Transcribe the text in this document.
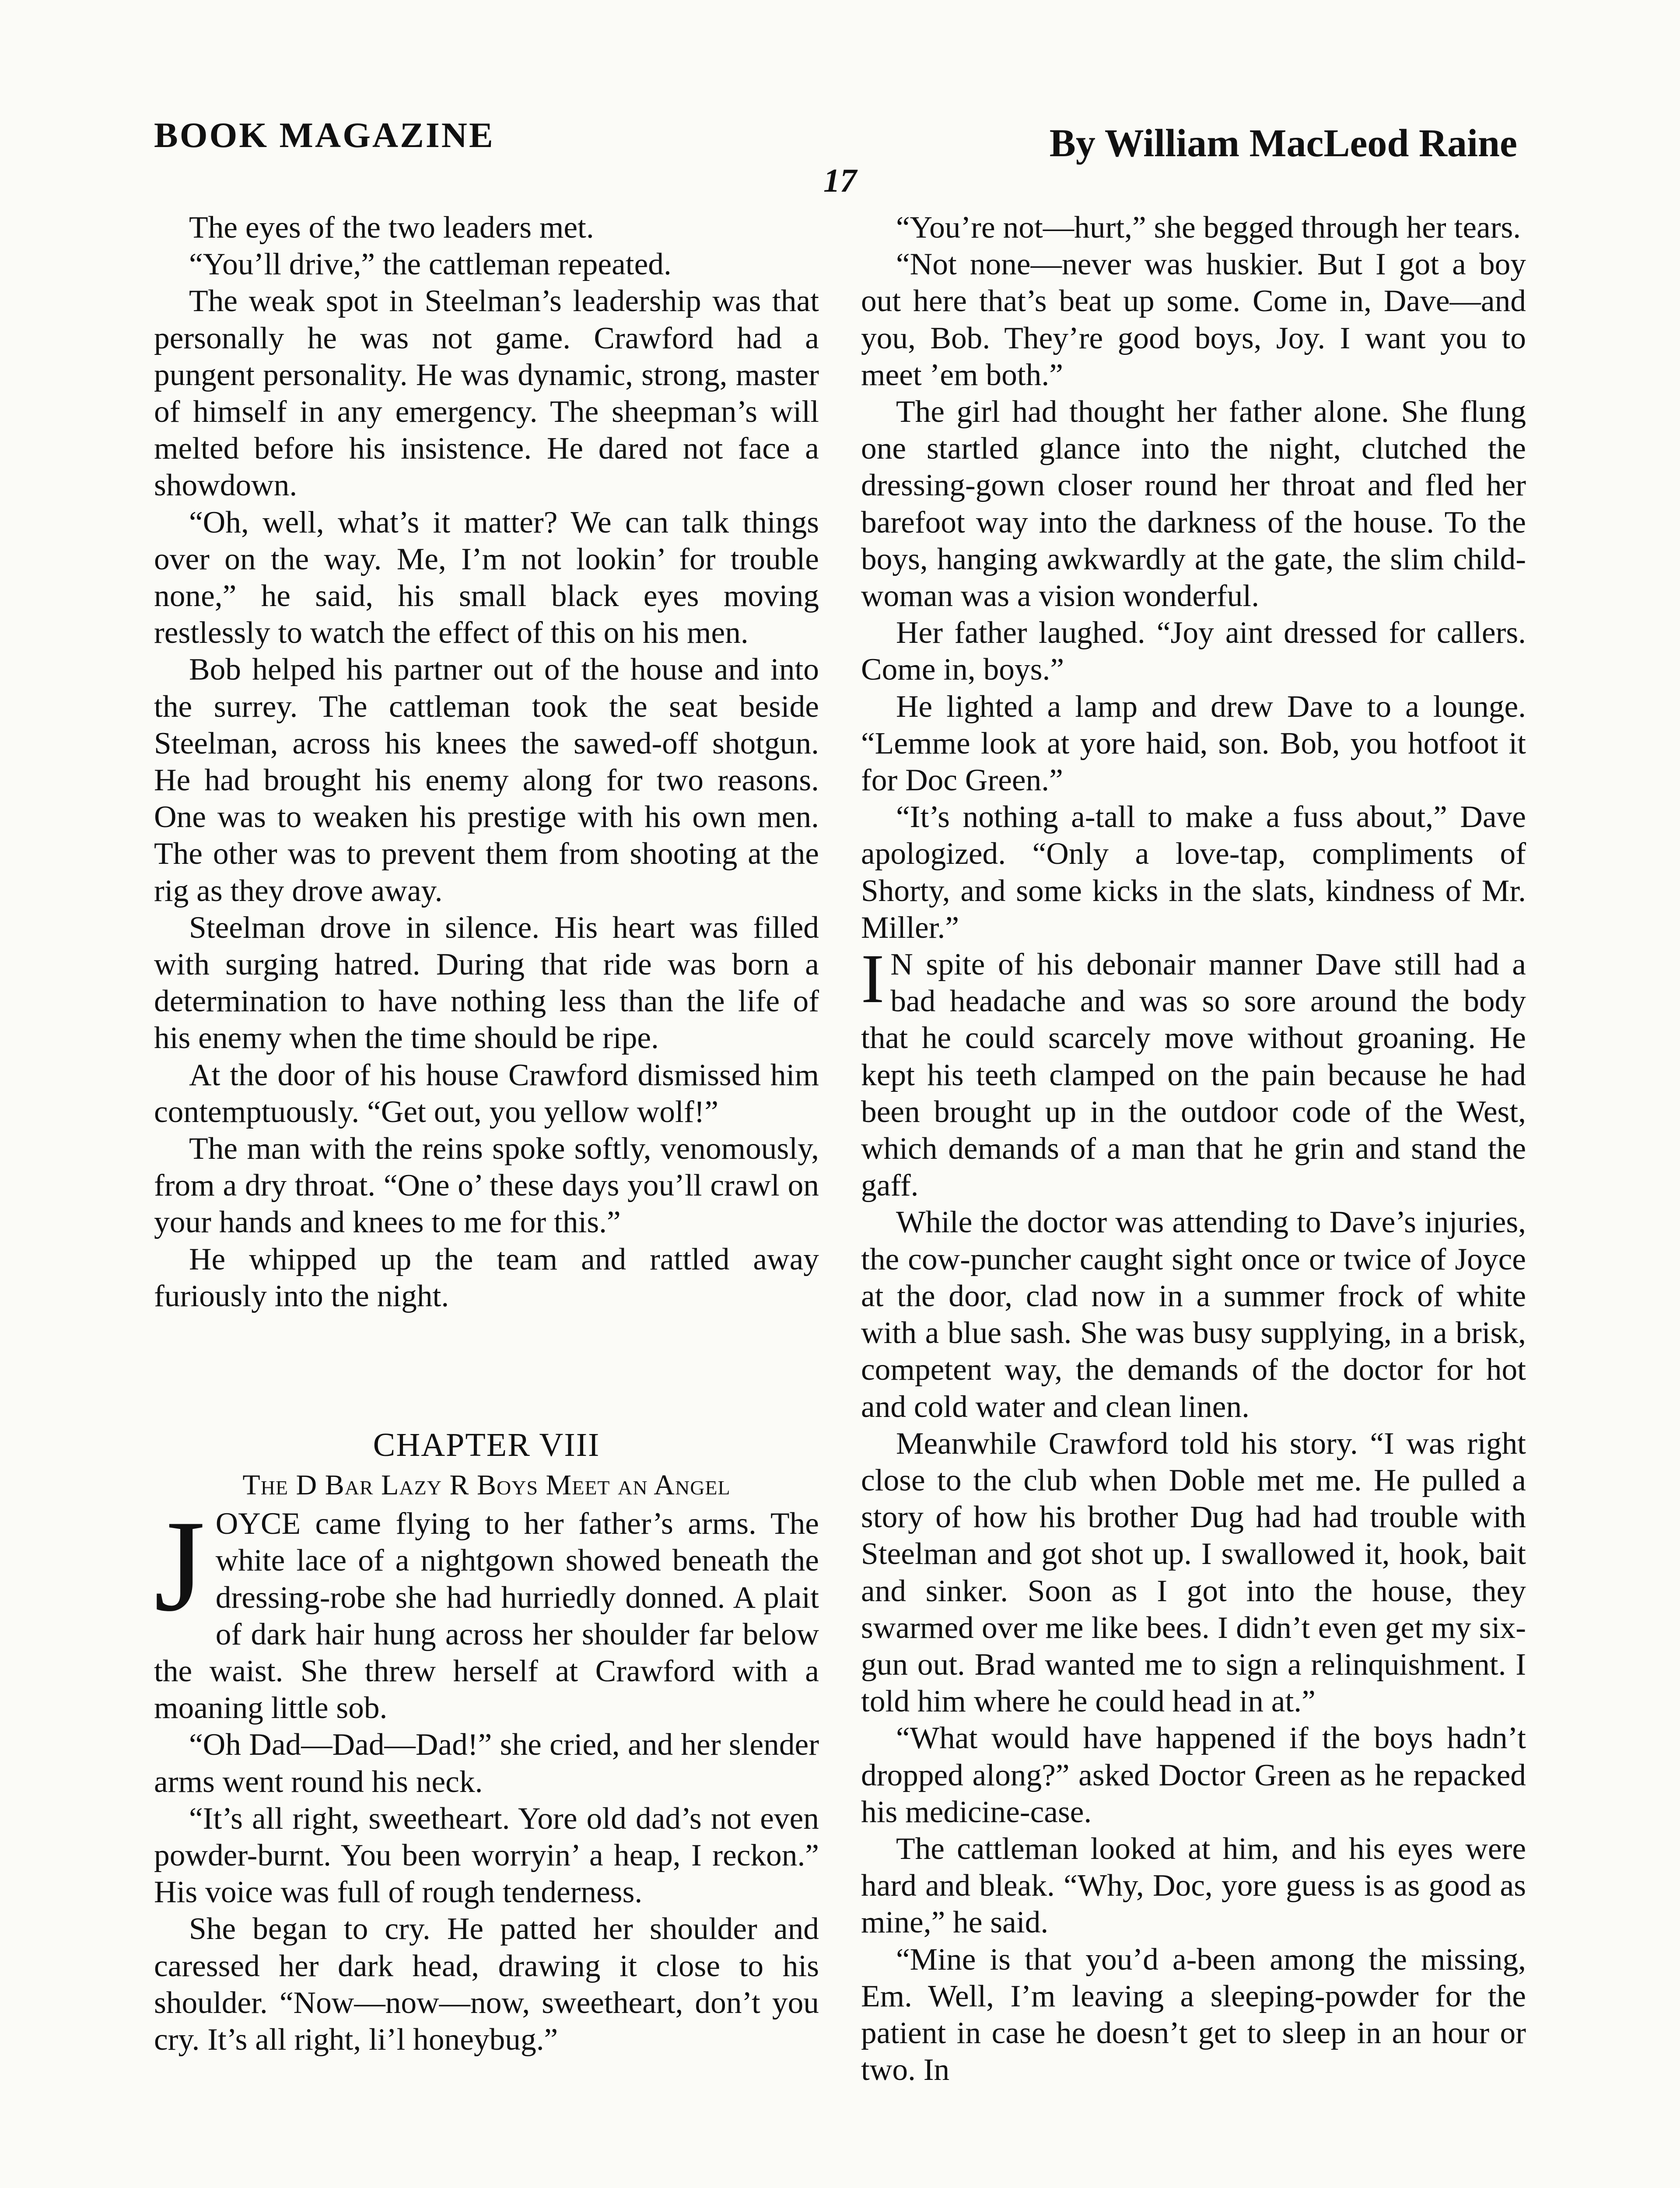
BOOK MAGAZINE	By William MacLeod Raine
17

The eyes of the two leaders met.

“You’ll drive,” the cattleman repeated.

The weak spot in Steelman’s leadership was that personally he was not game. Crawford had a pungent personality. He was dynamic, strong, master of himself in any emergency. The sheepman’s will melted before his insistence. He dared not face a showdown.

“Oh, well, what’s it matter? We can talk things over on the way. Me, I’m not lookin’ for trouble none,” he said, his small black eyes moving restlessly to watch the effect of this on his men.

Bob helped his partner out of the house and into the surrey. The cattleman took the seat beside Steelman, across his knees the sawed-off shotgun. He had brought his enemy along for two reasons. One was to weaken his prestige with his own men. The other was to prevent them from shooting at the rig as they drove away.

Steelman drove in silence. His heart was filled with surging hatred. During that ride was born a determination to have nothing less than the life of his enemy when the time should be ripe.

At the door of his house Crawford dismissed him contemptuously. “Get out, you yellow wolf!”

The man with the reins spoke softly, venomously, from a dry throat. “One o’ these days you’ll crawl on your hands and knees to me for this.”

He whipped up the team and rattled away furiously into the night.

CHAPTER VIII

The D Bar Lazy R Boys Meet an Angel

JOYCE came flying to her father’s arms. The white lace of a nightgown showed beneath the dressing-robe she had hurriedly donned. A plait of dark hair hung across her shoulder far below the waist. She threw herself at Crawford with a moaning little sob.

“Oh Dad—Dad—Dad!” she cried, and her slender arms went round his neck.

“It’s all right, sweetheart. Yore old dad’s not even powder-burnt. You been worryin’ a heap, I reckon.” His voice was full of rough tenderness.

She began to cry. He patted her shoulder and caressed her dark head, drawing it close to his shoulder. “Now—now—now, sweetheart, don’t you cry. It’s all right, li’l honeybug.”

“You’re not—hurt,” she begged through her tears.

“Not none—never was huskier. But I got a boy out here that’s beat up some. Come in, Dave—and you, Bob. They’re good boys, Joy. I want you to meet ’em both.”

The girl had thought her father alone. She flung one startled glance into the night, clutched the dressing-gown closer round her throat and fled her barefoot way into the darkness of the house. To the boys, hanging awkwardly at the gate, the slim child-woman was a vision wonderful.

Her father laughed. “Joy aint dressed for callers. Come in, boys.”

He lighted a lamp and drew Dave to a lounge. “Lemme look at yore haid, son. Bob, you hotfoot it for Doc Green.”

“It’s nothing a-tall to make a fuss about,” Dave apologized. “Only a love-tap, compliments of Shorty, and some kicks in the slats, kindness of Mr. Miller.”

I N spite of his debonair manner Dave still had a bad headache and was so sore around the body that he could scarcely move without groaning. He kept his teeth clamped on the pain because he had been brought up in the outdoor code of the West, which demands of a man that he grin and stand the gaff.

While the doctor was attending to Dave’s injuries, the cow-puncher caught sight once or twice of Joyce at the door, clad now in a summer frock of white with a blue sash. She was busy supplying, in a brisk, competent way, the demands of the doctor for hot and cold water and clean linen.

Meanwhile Crawford told his story. “I was right close to the club when Doble met me. He pulled a story of how his brother Dug had had trouble with Steelman and got shot up. I swallowed it, hook, bait and sinker. Soon as I got into the house, they swarmed over me like bees. I didn’t even get my six-gun out. Brad wanted me to sign a relinquishment. I told him where he could head in at.”

“What would have happened if the boys hadn’t dropped along?” asked Doctor Green as he repacked his medicine-case.

The cattleman looked at him, and his eyes were hard and bleak. “Why, Doc, yore guess is as good as mine,” he said.

“Mine is that you’d a-been among the missing, Em. Well, I’m leaving a sleeping-powder for the patient in case he doesn’t get to sleep in an hour or two. In
